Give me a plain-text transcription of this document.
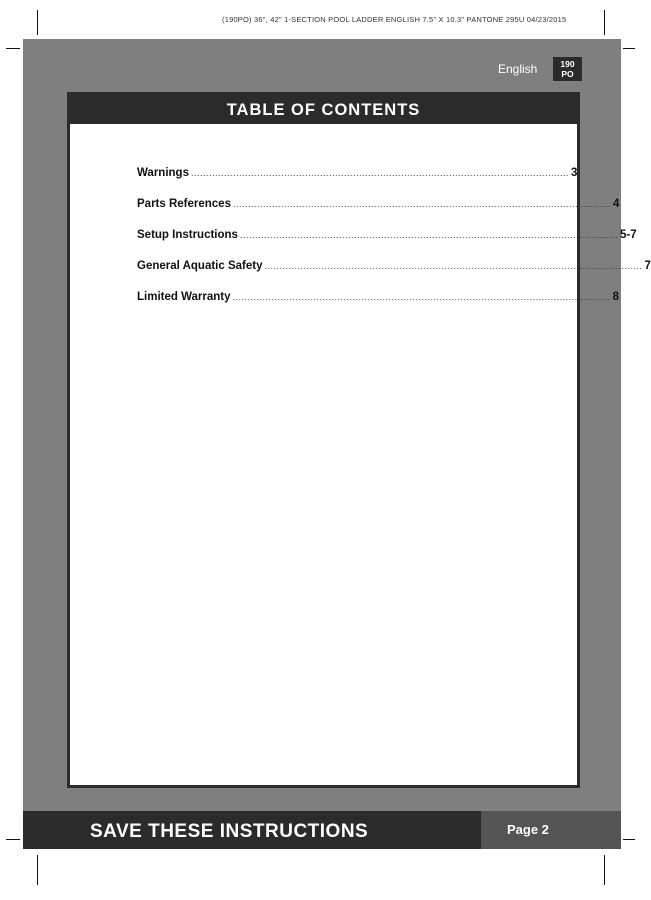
(190PO) 36", 42" 1-SECTION POOL LADDER ENGLISH 7.5" X 10.3" PANTONE 295U 04/23/2015
English	190
PO
TABLE OF CONTENTS
Warnings .............................................................................................................................. 3
Parts References .............................................................................................................................. 4
Setup Instructions .............................................................................................................................. 5-7
General Aquatic Safety .............................................................................................................................. 7
Limited Warranty .............................................................................................................................. 8
SAVE THESE INSTRUCTIONS	Page 2
